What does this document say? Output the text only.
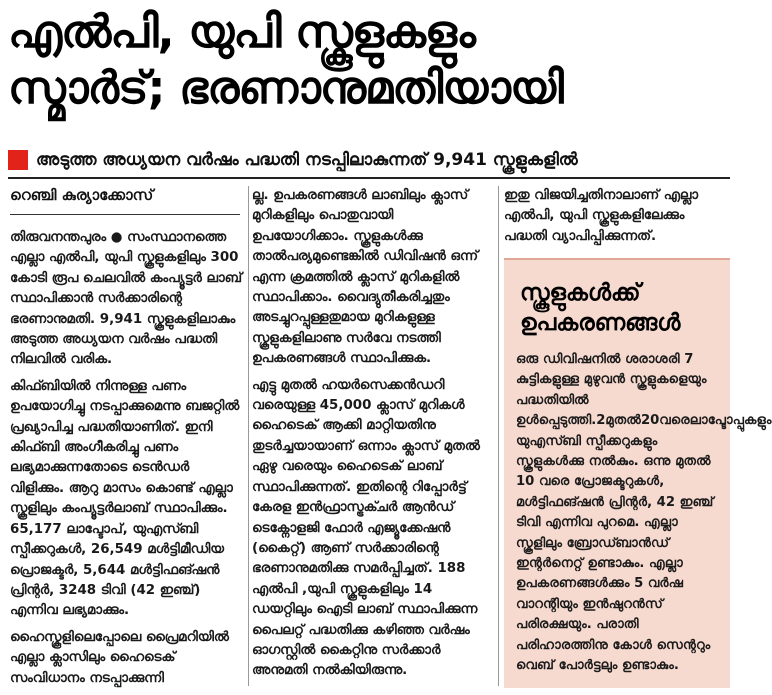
എൽപി, യുപി സ്കൂളുകളും
സ്മാർട്; ഭരണാനുമതിയായി
അടുത്ത അധ്യയന വർഷം പദ്ധതി നടപ്പിലാകുന്നത് 9,941 സ്കൂളുകളിൽ
റെഞ്ചി കുര്യാക്കോസ്

തിരുവനന്തപുരം ● സംസ്ഥാനത്തെ എല്ലാ എൽപി, യുപി സ്കൂളുകളിലും 300 കോടി രൂപ ചെലവിൽ കംപ്യൂട്ടർ ലാബ് സ്ഥാപിക്കാൻ സർക്കാരിന്റെ ഭരണാനുമതി. 9,941 സ്കൂളുകളിലാകും അടുത്ത അധ്യയന വർഷം പദ്ധതി നിലവിൽ വരിക.

കിഫ്ബിയിൽ നിന്നുള്ള പണം ഉപയോഗിച്ചു നടപ്പാക്കുമെന്നു ബജറ്റിൽ പ്രഖ്യാപിച്ച പദ്ധതിയാണിത്. ഇനി കിഫ്ബി അംഗീകരിച്ചു പണം ലഭ്യമാക്കുന്നതോടെ ടെൻഡർ വിളിക്കും. ആറു മാസം കൊണ്ട് എല്ലാ സ്കൂളിലും കംപ്യൂട്ടർലാബ് സ്ഥാപിക്കും. 65,177 ലാപ്ടോപ്, യുഎസ്ബി സ്പീക്കറുകൾ, 26,549 മൾട്ടിമീഡിയ പ്രൊജക്ടർ, 5,644 മൾട്ടിഫങ്ഷൻ പ്രിന്റർ, 3248 ടിവി (42 ഇഞ്ച്) എന്നിവ ലഭ്യമാക്കും.

ഹൈസ്കൂളിലെപ്പോലെ പ്രൈമറിയിൽ എല്ലാ ക്ലാസിലും ഹൈടെക് സംവിധാനം നടപ്പാക്കുന്നി

ല്ല. ഉപകരണങ്ങൾ ലാബിലും ക്ലാസ് മുറികളിലും പൊതുവായി ഉപയോഗിക്കാം. സ്കൂളുകൾക്കു താൽപര്യമുണ്ടെങ്കിൽ ഡിവിഷൻ ഒന്ന് എന്ന ക്രമത്തിൽ ക്ലാസ് മുറികളിൽ സ്ഥാപിക്കാം. വൈദ്യുതീകരിച്ചതും അടച്ചുറപ്പുള്ളതുമായ മുറികളുള്ള സ്കൂളുകളിലാണു സർവേ നടത്തി ഉപകരണങ്ങൾ സ്ഥാപിക്കുക.

എട്ടു മുതൽ ഹയർസെക്കൻഡറി വരെയുള്ള 45,000 ക്ലാസ് മുറികൾ ഹൈടെക് ആക്കി മാറ്റിയതിനു തുടർച്ചയായാണ് ഒന്നാം ക്ലാസ് മുതൽ ഏഴു വരെയും ഹൈടെക് ലാബ് സ്ഥാപിക്കുന്നത്. ഇതിന്റെ റിപ്പോർട്ട് കേരള ഇൻഫ്രാസ്ട്രക്ചർ ആൻഡ് ടെക്നോളജി ഫോർ എജ്യൂക്കേഷൻ (കൈറ്റ്) ആണ് സർക്കാരിന്റെ ഭരണാനുമതിക്കു സമർപ്പിച്ചത്. 188 എൽപി ,യുപി സ്കൂളുകളിലും 14 ഡയറ്റിലും ഐടി ലാബ് സ്ഥാപിക്കുന്ന പൈലറ്റ് പദ്ധതിക്കു കഴിഞ്ഞ വർഷം ഓഗസ്റ്റിൽ കൈറ്റിനു സർക്കാർ അനുമതി നൽകിയിരുന്നു.

ഇതു വിജയിച്ചതിനാലാണ് എല്ലാ എൽപി, യുപി സ്കൂളുകളിലേക്കും പദ്ധതി വ്യാപിപ്പിക്കുന്നത്.

സ്കൂളുകൾക്ക്
ഉപകരണങ്ങൾ

ഒരു ഡിവിഷനിൽ ശരാശരി 7 കുട്ടികളുള്ള മുഴുവൻ സ്കൂളുകളെയും പദ്ധതിയിൽ ഉൾപ്പെടുത്തി.2മുതൽ20വരെലാപ്ടോപ്പുകളും യുഎസ്ബി സ്പീക്കറുകളും സ്കൂളുകൾക്കു നൽകും. ഒന്നു മുതൽ 10 വരെ പ്രോജക്ടറുകൾ, മൾട്ടിഫങ്ഷൻ പ്രിന്റർ, 42 ഇഞ്ച് ടിവി എന്നിവ പുറമെ. എല്ലാ സ്കൂളിലും ബ്രോഡ്ബാൻഡ് ഇന്റർനെറ്റ് ഉണ്ടാകും. എല്ലാ ഉപകരണങ്ങൾക്കും 5 വർഷ വാറന്റിയും ഇൻഷുറൻസ് പരിരക്ഷയും. പരാതി പരിഹാരത്തിനു കോൾ സെന്ററും വെബ് പോർട്ടലും ഉണ്ടാകും.
